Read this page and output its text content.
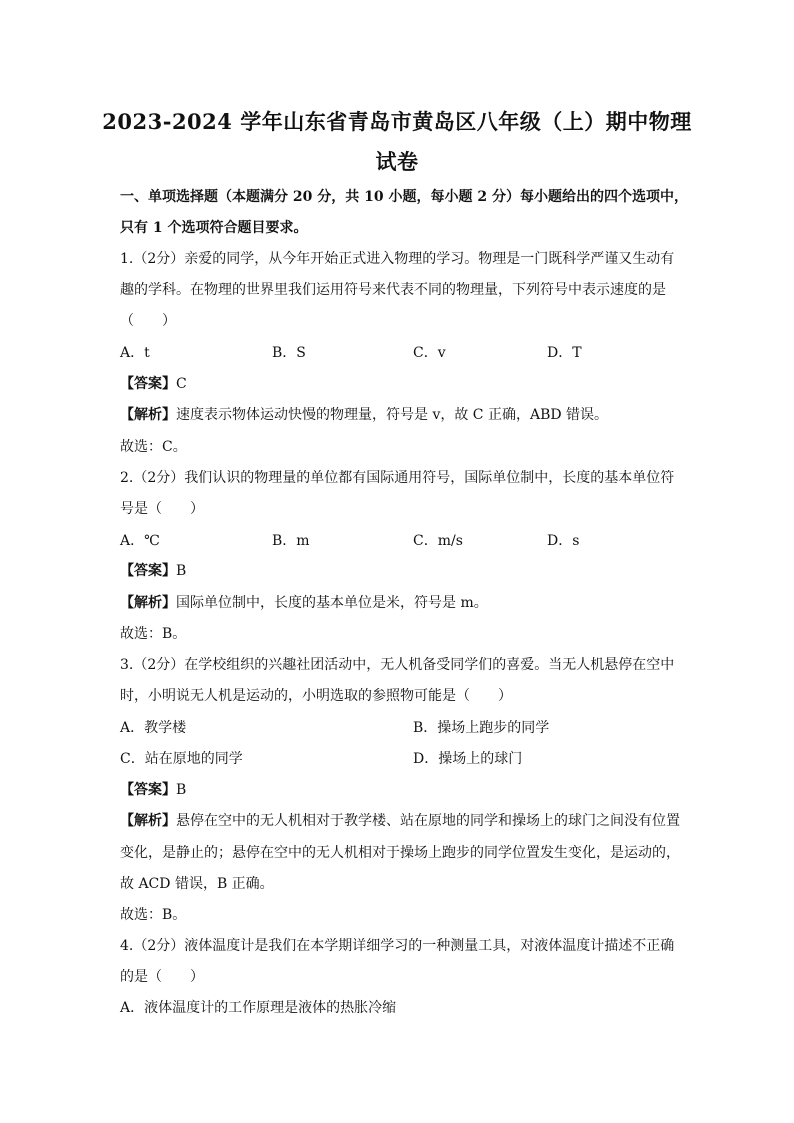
2023-2024 学年山东省青岛市黄岛区八年级（上）期中物理
试卷
一、单项选择题（本题满分 20 分，共 10 小题，每小题 2 分）每小题给出的四个选项中，
只有 1 个选项符合题目要求。
1.（2分）亲爱的同学，从今年开始正式进入物理的学习。物理是一门既科学严谨又生动有
趣的学科。在物理的世界里我们运用符号来代表不同的物理量，下列符号中表示速度的是
（　　）
A．t	B．S	C．v	D．T
【答案】C
【解析】速度表示物体运动快慢的物理量，符号是 v，故 C 正确，ABD 错误。
故选：C。
2.（2分）我们认识的物理量的单位都有国际通用符号，国际单位制中，长度的基本单位符
号是（　　）
A．℃	B．m	C．m/s	D．s
【答案】B
【解析】国际单位制中，长度的基本单位是米，符号是 m。
故选：B。
3.（2分）在学校组织的兴趣社团活动中，无人机备受同学们的喜爱。当无人机悬停在空中
时，小明说无人机是运动的，小明选取的参照物可能是（　　）
A．教学楼	B．操场上跑步的同学
C．站在原地的同学	D．操场上的球门
【答案】B
【解析】悬停在空中的无人机相对于教学楼、站在原地的同学和操场上的球门之间没有位置
变化，是静止的；悬停在空中的无人机相对于操场上跑步的同学位置发生变化，是运动的，
故 ACD 错误，B 正确。
故选：B。
4.（2分）液体温度计是我们在本学期详细学习的一种测量工具，对液体温度计描述不正确
的是（　　）
A．液体温度计的工作原理是液体的热胀冷缩
